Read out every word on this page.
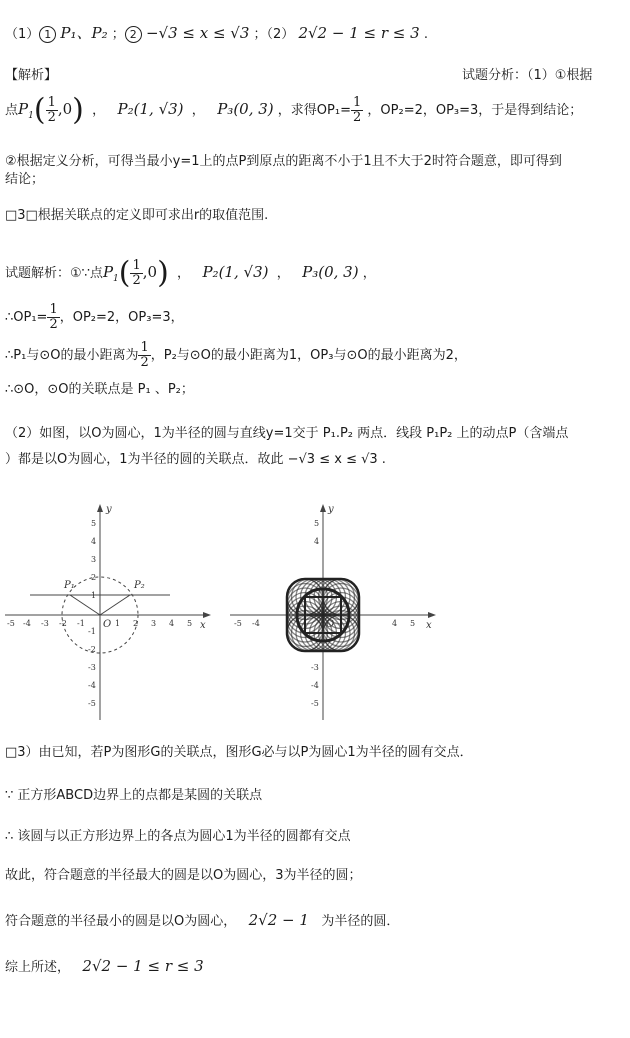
（1） 1 P₁、P₂ ； 2 −√3 ≤ x ≤ √3 ；（2） 2√2 − 1 ≤ r ≤ 3 .
【解析】	试题分析：（1）①根据
点$P_1( \frac{1}{2} ,0)$  ，   P₂(1, √3)  ，   P₃(0, 3) ，求得$OP_1= \frac{1}{2}$ ，OP₂=2，OP₃=3，于是得到结论；
②根据定义分析，可得当最小y=1上的点P到原点的距离不小于1且不大于2时符合题意，即可得到
结论；
□3□根据关联点的定义即可求出r的取值范围.
试题解析：①∵点$P_1( \frac{1}{2} ,0)$  ，   P₂(1, √3)  ，   P₃(0, 3) ，
∴OP₁= $\frac{1}{2}$ ，OP₂=2，OP₃=3，
∴P₁与⊙O的最小距离为 $\frac{1}{2}$ ，P₂与⊙O的最小距离为1，OP₃与⊙O的最小距离为2，
∴⊙O，⊙O的关联点是 P₁ 、P₂；
（2）如图，以O为圆心，1为半径的圆与直线y=1交于 P₁.P₂ 两点．线段 P₁P₂ 上的动点P（含端点
）都是以O为圆心，1为半径的圆的关联点．故此 −√3 ≤ x ≤ √3 .
y
x
O
P₁	P₂
1
2
3
4
5
-1
-2
-3
-4
-5
1 2 3 4 5
-1
-2
-3
-4
-5
y
x
O
5
4
-3
-4
-5
5
4
-5 -4
□3）由已知，若P为图形G的关联点，图形G必与以P为圆心1为半径的圆有交点．
∵ 正方形ABCD边界上的点都是某圆的关联点
∴ 该圆与以正方形边界上的各点为圆心1为半径的圆都有交点
故此，符合题意的半径最大的圆是以O为圆心，3为半径的圆；
符合题意的半径最小的圆是以O为圆心， 2√2 − 1 为半径的圆．
综上所述， 2√2 − 1 ≤ r ≤ 3
